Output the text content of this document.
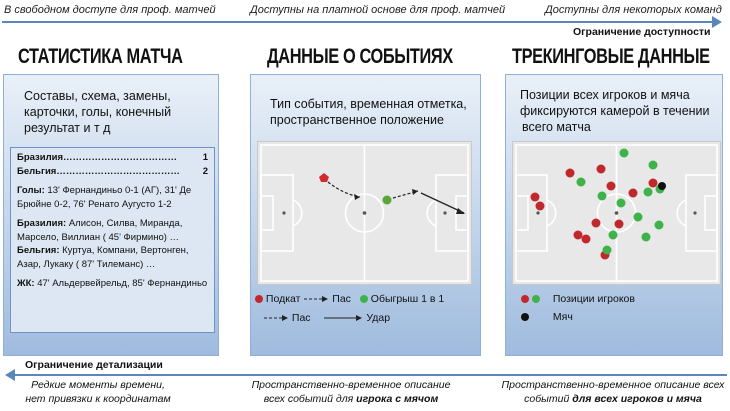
В свободном доступе для проф. матчей	Доступны на платной основе для проф. матчей	Доступны для некоторых команд
Ограничение доступности
СТАТИСТИКА МАТЧА	ДАННЫЕ О СОБЫТИЯХ	ТРЕКИНГОВЫЕ ДАННЫЕ
Составы, схема, замены,
карточки, голы, конечный
результат и т д
Бразилия………………………………	1
Бельгия………………………………… 2

Голы: 13' Фернандиньо 0-1 (АГ), 31' Де Брюйне 0-2, 76' Ренато Аугусто 1-2

Бразилия: Алисон, Силва, Миранда, Марсело, Виллиан ( 45' Фирмино) …

Бельгия: Куртуа, Компани, Вертонген, Азар, Лукаку ( 87' Тилеманс) …

ЖК: 47' Альдервейрельд, 85' Фернандиньо

Тип события, временная отметка,
пространственное положение
Подкат	Пас Обыгрыш 1 в 1
Пас	Удар
Позиции всех игроков и мяча
фиксируются камерой в течении
всего матча
Позиции игроков
Мяч
Ограничение детализации
Редкие моменты времени,
нет привязки к координатам
Пространственно-временное описание
всех событий для игрока с мячом
Пространственно-временное описание всех
событий для всех игроков и мяча
